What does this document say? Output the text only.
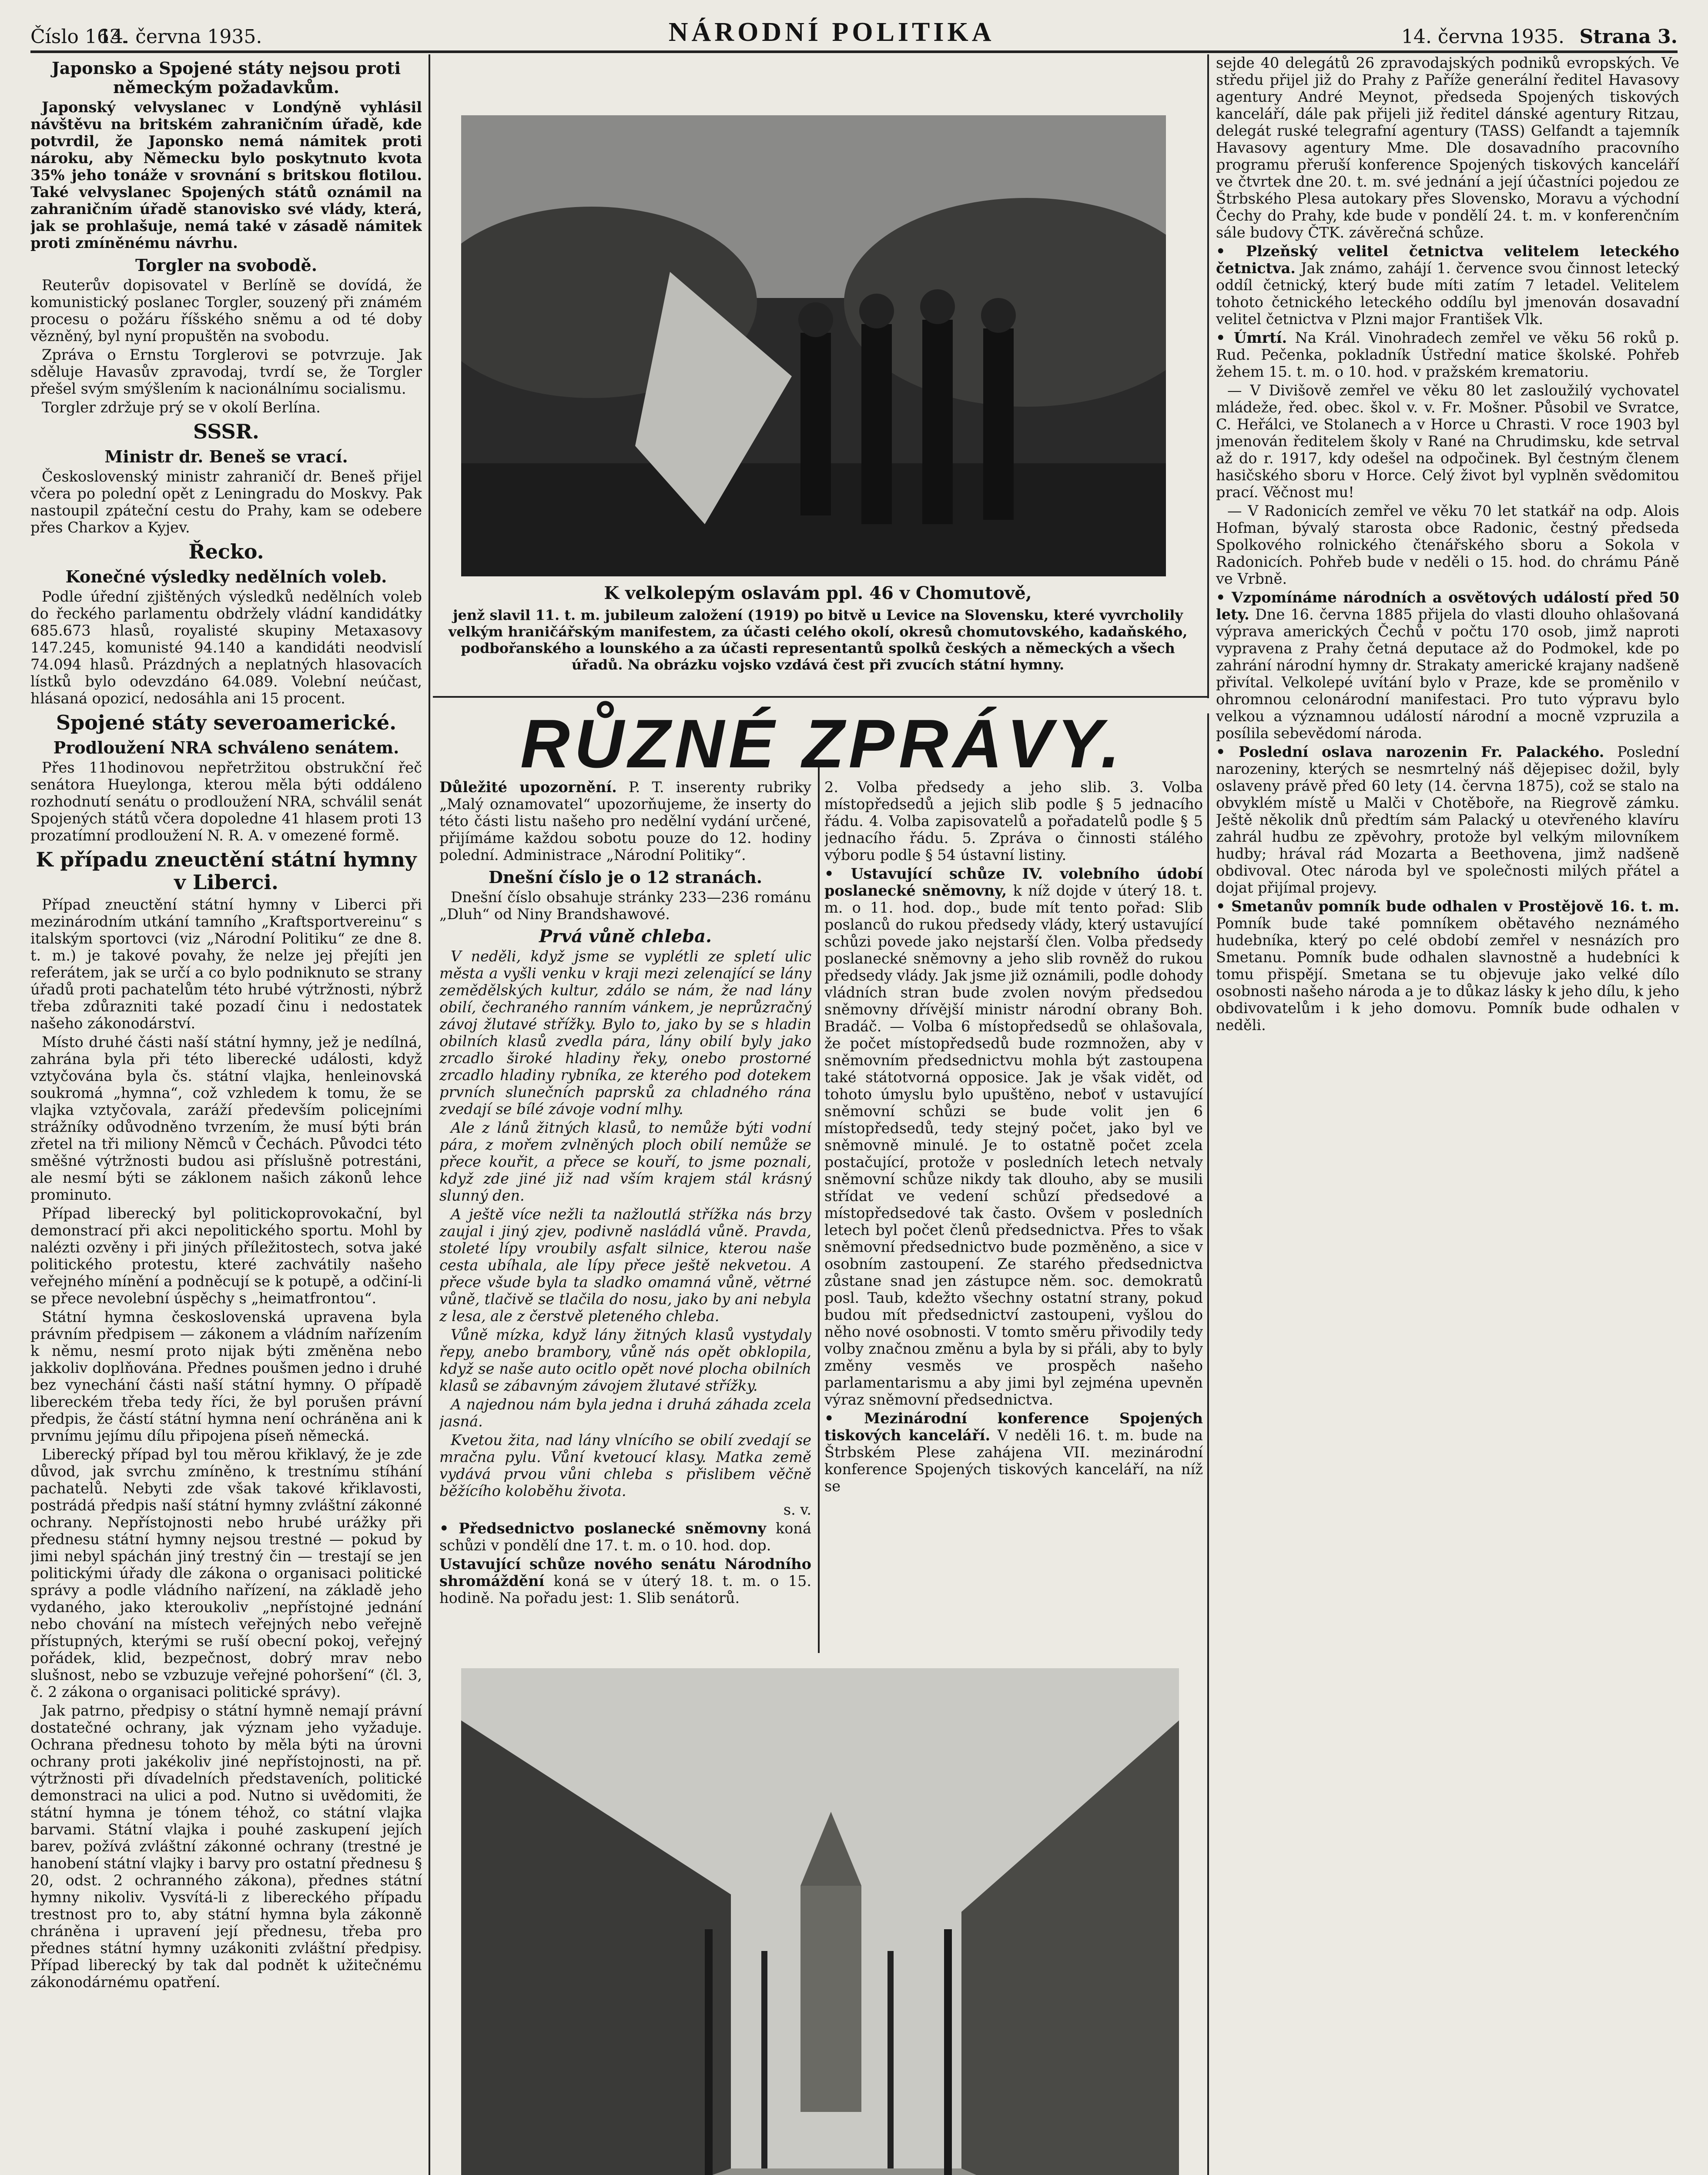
Číslo 163.
14. června 1935.	NÁRODNÍ POLITIKA	14. června 1935. Strana 3.
Japonsko a Spojené státy nejsou proti německým požadavkům.

Japonský velvyslanec v Londýně vyhlásil návštěvu na britském zahraničním úřadě, kde potvrdil, že Japonsko nemá námitek proti nároku, aby Německu bylo poskytnuto kvota 35% jeho tonáže v srovnání s britskou flotilou. Také velvyslanec Spojených států oznámil na zahraničním úřadě stanovisko své vlády, která, jak se prohlašuje, nemá také v zásadě námitek proti zmíněnému návrhu.

Torgler na svobodě.

Reuterův dopisovatel v Berlíně se dovídá, že komunistický poslanec Torgler, souzený při známém procesu o požáru říšského sněmu a od té doby vězněný, byl nyní propuštěn na svobodu.

Zpráva o Ernstu Torglerovi se potvrzuje. Jak sděluje Havasův zpravodaj, tvrdí se, že Torgler přešel svým smýšlením k nacionálnímu socialismu.

Torgler zdržuje prý se v okolí Berlína.

SSSR.
Ministr dr. Beneš se vrací.

Československý ministr zahraničí dr. Beneš přijel včera po polední opět z Leningradu do Moskvy. Pak nastoupil zpáteční cestu do Prahy, kam se odebere přes Charkov a Kyjev.

Řecko.
Konečné výsledky nedělních voleb.

Podle úřední zjištěných výsledků nedělních voleb do řeckého parlamentu obdržely vládní kandidátky 685.673 hlasů, royalisté skupiny Metaxasovy 147.245, komunisté 94.140 a kandidáti neodvislí 74.094 hlasů. Prázdných a neplatných hlasovacích lístků bylo odevzdáno 64.089. Volební neúčast, hlásaná opozicí, nedosáhla ani 15 procent.

Spojené státy severoamerické.
Prodloužení NRA schváleno senátem.

Přes 11hodinovou nepřetržitou obstrukční řeč senátora Hueylonga, kterou měla býti oddáleno rozhodnutí senátu o prodloužení NRA, schválil senát Spojených států včera dopoledne 41 hlasem proti 13 prozatímní prodloužení N. R. A. v omezené formě.

K případu zneuctění státní hymny v Liberci.

Případ zneuctění státní hymny v Liberci při mezinárodním utkání tamního „Kraftsportvereinu“ s italským sportovci (viz „Národní Politiku“ ze dne 8. t. m.) je takové povahy, že nelze jej přejíti jen referátem, jak se určí a co bylo podniknuto se strany úřadů proti pachatelům této hrubé výtržnosti, nýbrž třeba zdůrazniti také pozadí činu i nedostatek našeho zákonodárství.

Místo druhé části naší státní hymny, jež je nedílná, zahrána byla při této liberecké události, když vztyčována byla čs. státní vlajka, henleinovská soukromá „hymna“, což vzhledem k tomu, že se vlajka vztyčovala, zaráží především policejními strážníky odůvodněno tvrzením, že musí býti brán zřetel na tři miliony Němců v Čechách. Původci této směšné výtržnosti budou asi příslušně potrestáni, ale nesmí býti se záklonem našich zákonů lehce prominuto.

Případ liberecký byl politickoprovokační, byl demonstrací při akci nepolitického sportu. Mohl by nalézti ozvěny i při jiných příležitostech, sotva jaké politického protestu, které zachvátily našeho veřejného mínění a podněcují se k potupě, a odčiní-li se přece nevolební úspěchy s „heimatfrontou“.

Státní hymna československá upravena byla právním předpisem — zákonem a vládním nařízením k němu, nesmí proto nijak býti změněna nebo jakkoliv doplňována. Přednes poušmen jedno i druhé bez vynechání části naší státní hymny. O případě libereckém třeba tedy říci, že byl porušen právní předpis, že částí státní hymna není ochráněna ani k prvnímu jejímu dílu připojena píseň německá.

Liberecký případ byl tou měrou křiklavý, že je zde důvod, jak svrchu zmíněno, k trestnímu stíhání pachatelů. Nebyti zde však takové křiklavosti, postrádá předpis naší státní hymny zvláštní zákonné ochrany. Nepřístojnosti nebo hrubé urážky při přednesu státní hymny nejsou trestné — pokud by jimi nebyl spáchán jiný trestný čin — trestají se jen politickými úřady dle zákona o organisaci politické správy a podle vládního nařízení, na základě jeho vydaného, jako kteroukoliv „nepřístojné jednání nebo chování na místech veřejných nebo veřejně přístupných, kterými se ruší obecní pokoj, veřejný pořádek, klid, bezpečnost, dobrý mrav nebo slušnost, nebo se vzbuzuje veřejné pohoršení“ (čl. 3, č. 2 zákona o organisaci politické správy).

Jak patrno, předpisy o státní hymně nemají právní dostatečné ochrany, jak význam jeho vyžaduje. Ochrana přednesu tohoto by měla býti na úrovni ochrany proti jakékoliv jiné nepřístojnosti, na př. výtržnosti při dívadelních představeních, politické demonstraci na ulici a pod. Nutno si uvědomiti, že státní hymna je tónem téhož, co státní vlajka barvami. Státní vlajka i pouhé zaskupení jejích barev, požívá zvláštní zákonné ochrany (trestné je hanobení státní vlajky i barvy pro ostatní přednesu § 20, odst. 2 ochranného zákona), přednes státní hymny nikoliv. Vysvítá-li z libereckého případu trestnost pro to, aby státní hymna byla zákonně chráněna i upravení její přednesu, třeba pro přednes státní hymny uzákoniti zvláštní předpisy. Případ liberecký by tak dal podnět k užitečnému zákonodárnému opatření.

K velkolepým oslavám ppl. 46 v Chomutově,
jenž slavil 11. t. m. jubileum založení (1919) po bitvě u Levice na Slovensku, které vyvrcholily velkým hraničářským manifestem, za účasti celého okolí, okresů chomutovského, kadaňského, podbořanského a lounského a za účasti representantů spolků českých a německých a všech úřadů. Na obrázku vojsko vzdává čest při zvucích státní hymny.
RŮZNÉ ZPRÁVY.

Důležité upozornění. P. T. inserenty rubriky „Malý oznamovatel“ upozorňujeme, že inserty do této části listu našeho pro nedělní vydání určené, přijímáme každou sobotu pouze do 12. hodiny polední. Administrace „Národní Politiky“.

Dnešní číslo je o 12 stranách.

Dnešní číslo obsahuje stránky 233—236 románu „Dluh“ od Niny Brandshawové.

Prvá vůně chleba.

V neděli, když jsme se vyplétli ze spletí ulic města a vyšli venku v kraji mezi zelenající se lány zemědělských kultur, zdálo se nám, že nad lány obilí, čechraného ranním vánkem, je neprůzračný závoj žlutavé střížky. Bylo to, jako by se s hladin obilních klasů zvedla pára, lány obilí byly jako zrcadlo široké hladiny řeky, onebo prostorné zrcadlo hladiny rybníka, ze kterého pod dotekem prvních slunečních paprsků za chladného rána zvedají se bílé závoje vodní mlhy.

Ale z lánů žitných klasů, to nemůže býti vodní pára, z mořem zvlněných ploch obilí nemůže se přece kouřit, a přece se kouří, to jsme poznali, když zde jiné již nad vším krajem stál krásný slunný den.

A ještě více nežli ta nažloutlá střížka nás brzy zaujal i jiný zjev, podivně nasládlá vůně. Pravda, stoleté lípy vroubily asfalt silnice, kterou naše cesta ubíhala, ale lípy přece ještě nekvetou. A přece všude byla ta sladko omamná vůně, větrné vůně, tlačivě se tlačila do nosu, jako by ani nebyla z lesa, ale z čerstvě pleteného chleba.

Vůně mízka, když lány žitných klasů vystydaly řepy, anebo brambory, vůně nás opět obklopila, když se naše auto ocitlo opět nové plocha obilních klasů se zábavným závojem žlutavé střížky.

A najednou nám byla jedna i druhá záhada zcela jasná.

Kvetou žita, nad lány vlnícího se obilí zvedají se mračna pylu. Vůní kvetoucí klasy. Matka země vydává prvou vůni chleba s přislibem věčně běžícího koloběhu života.

s. v.

• Předsednictvo poslanecké sněmovny koná schůzi v pondělí dne 17. t. m. o 10. hod. dop.

Ustavující schůze nového senátu Národního shromáždění koná se v úterý 18. t. m. o 15. hodině. Na pořadu jest: 1. Slib senátorů.

2. Volba předsedy a jeho slib. 3. Volba místopředsedů a jejich slib podle § 5 jednacího řádu. 4. Volba zapisovatelů a pořadatelů podle § 5 jednacího řádu. 5. Zpráva o činnosti stálého výboru podle § 54 ústavní listiny.

• Ustavující schůze IV. volebního údobí poslanecké sněmovny, k níž dojde v úterý 18. t. m. o 11. hod. dop., bude mít tento pořad: Slib poslanců do rukou předsedy vlády, který ustavující schůzi povede jako nejstarší člen. Volba předsedy poslanecké sněmovny a jeho slib rovněž do rukou předsedy vlády. Jak jsme již oznámili, podle dohody vládních stran bude zvolen novým předsedou sněmovny dřívější ministr národní obrany Boh. Bradáč. — Volba 6 místopředsedů se ohlašovala, že počet místopředsedů bude rozmnožen, aby v sněmovním předsednictvu mohla být zastoupena také státotvorná opposice. Jak je však vidět, od tohoto úmyslu bylo upuštěno, neboť v ustavující sněmovní schůzi se bude volit jen 6 místopředsedů, tedy stejný počet, jako byl ve sněmovně minulé. Je to ostatně počet zcela postačující, protože v posledních letech netvaly sněmovní schůze nikdy tak dlouho, aby se musili střídat ve vedení schůzí předsedové a místopředsedové tak často. Ovšem v posledních letech byl počet členů předsednictva. Přes to však sněmovní předsednictvo bude pozměněno, a sice v osobním zastoupení. Ze starého předsednictva zůstane snad jen zástupce něm. soc. demokratů posl. Taub, kdežto všechny ostatní strany, pokud budou mít předsednictví zastoupeni, vyšlou do něho nové osobnosti. V tomto směru přivodily tedy volby značnou změnu a byla by si přáli, aby to byly změny vesměs ve prospěch našeho parlamentarismu a aby jimi byl zejména upevněn výraz sněmovní předsednictva.

• Mezinárodní konference Spojených tiskových kanceláří. V neděli 16. t. m. bude na Štrbském Plese zahájena VII. mezinárodní konference Spojených tiskových kanceláří, na níž se

sejde 40 delegátů 26 zpravodajských podniků evropských. Ve středu přijel již do Prahy z Paříže generální ředitel Havasovy agentury André Meynot, předseda Spojených tiskových kanceláří, dále pak přijeli již ředitel dánské agentury Ritzau, delegát ruské telegrafní agentury (TASS) Gelfandt a tajemník Havasovy agentury Mme. Dle dosavadního pracovního programu přeruší konference Spojených tiskových kanceláří ve čtvrtek dne 20. t. m. své jednání a její účastníci pojedou ze Štrbského Plesa autokary přes Slovensko, Moravu a východní Čechy do Prahy, kde bude v pondělí 24. t. m. v konferenčním sále budovy ČTK. závěrečná schůze.

• Plzeňský velitel četnictva velitelem leteckého četnictva. Jak známo, zahájí 1. července svou činnost letecký oddíl četnický, který bude míti zatím 7 letadel. Velitelem tohoto četnického leteckého oddílu byl jmenován dosavadní velitel četnictva v Plzni major František Vlk.

• Úmrtí. Na Král. Vinohradech zemřel ve věku 56 roků p. Rud. Pečenka, pokladník Ústřední matice školské. Pohřeb žehem 15. t. m. o 10. hod. v pražském krematoriu.

— V Divišově zemřel ve věku 80 let zasloužilý vychovatel mládeže, řed. obec. škol v. v. Fr. Mošner. Působil ve Svratce, C. Heřálci, ve Stolanech a v Horce u Chrasti. V roce 1903 byl jmenován ředitelem školy v Rané na Chrudimsku, kde setrval až do r. 1917, kdy odešel na odpočinek. Byl čestným členem hasičského sboru v Horce. Celý život byl vyplněn svědomitou prací. Věčnost mu!

— V Radonicích zemřel ve věku 70 let statkář na odp. Alois Hofman, bývalý starosta obce Radonic, čestný předseda Spolkového rolnického čtenářského sboru a Sokola v Radonicích. Pohřeb bude v neděli o 15. hod. do chrámu Páně ve Vrbně.

• Vzpomínáme národních a osvětových událostí před 50 lety. Dne 16. června 1885 přijela do vlasti dlouho ohlašovaná výprava amerických Čechů v počtu 170 osob, jimž naproti vypravena z Prahy četná deputace až do Podmokel, kde po zahrání národní hymny dr. Strakaty americké krajany nadšeně přivítal. Velkolepé uvítání bylo v Praze, kde se proměnilo v ohromnou celonárodní manifestaci. Pro tuto výpravu bylo velkou a významnou událostí národní a mocně vzpruzila a posílila sebevědomí národa.

• Poslední oslava narozenin Fr. Palackého. Poslední narozeniny, kterých se nesmrtelný náš dějepisec dožil, byly oslaveny právě před 60 lety (14. června 1875), což se stalo na obvyklém místě u Malči v Chotěboře, na Riegrově zámku. Ještě několik dnů předtím sám Palacký u otevřeného klavíru zahrál hudbu ze zpěvohry, protože byl velkým milovníkem hudby; hrával rád Mozarta a Beethovena, jimž nadšeně obdivoval. Otec národa byl ve společnosti milých přátel a dojat přijímal projevy.

• Smetanův pomník bude odhalen v Prostějově 16. t. m. Pomník bude také pomníkem obětavého neznámého hudebníka, který po celé období zemřel v nesnázích pro Smetanu. Pomník bude odhalen slavnostně a hudebníci k tomu přispějí. Smetana se tu objevuje jako velké dílo osobnosti našeho národa a je to důkaz lásky k jeho dílu, k jeho obdivovatelům i k jeho domovu. Pomník bude odhalen v neděli.
